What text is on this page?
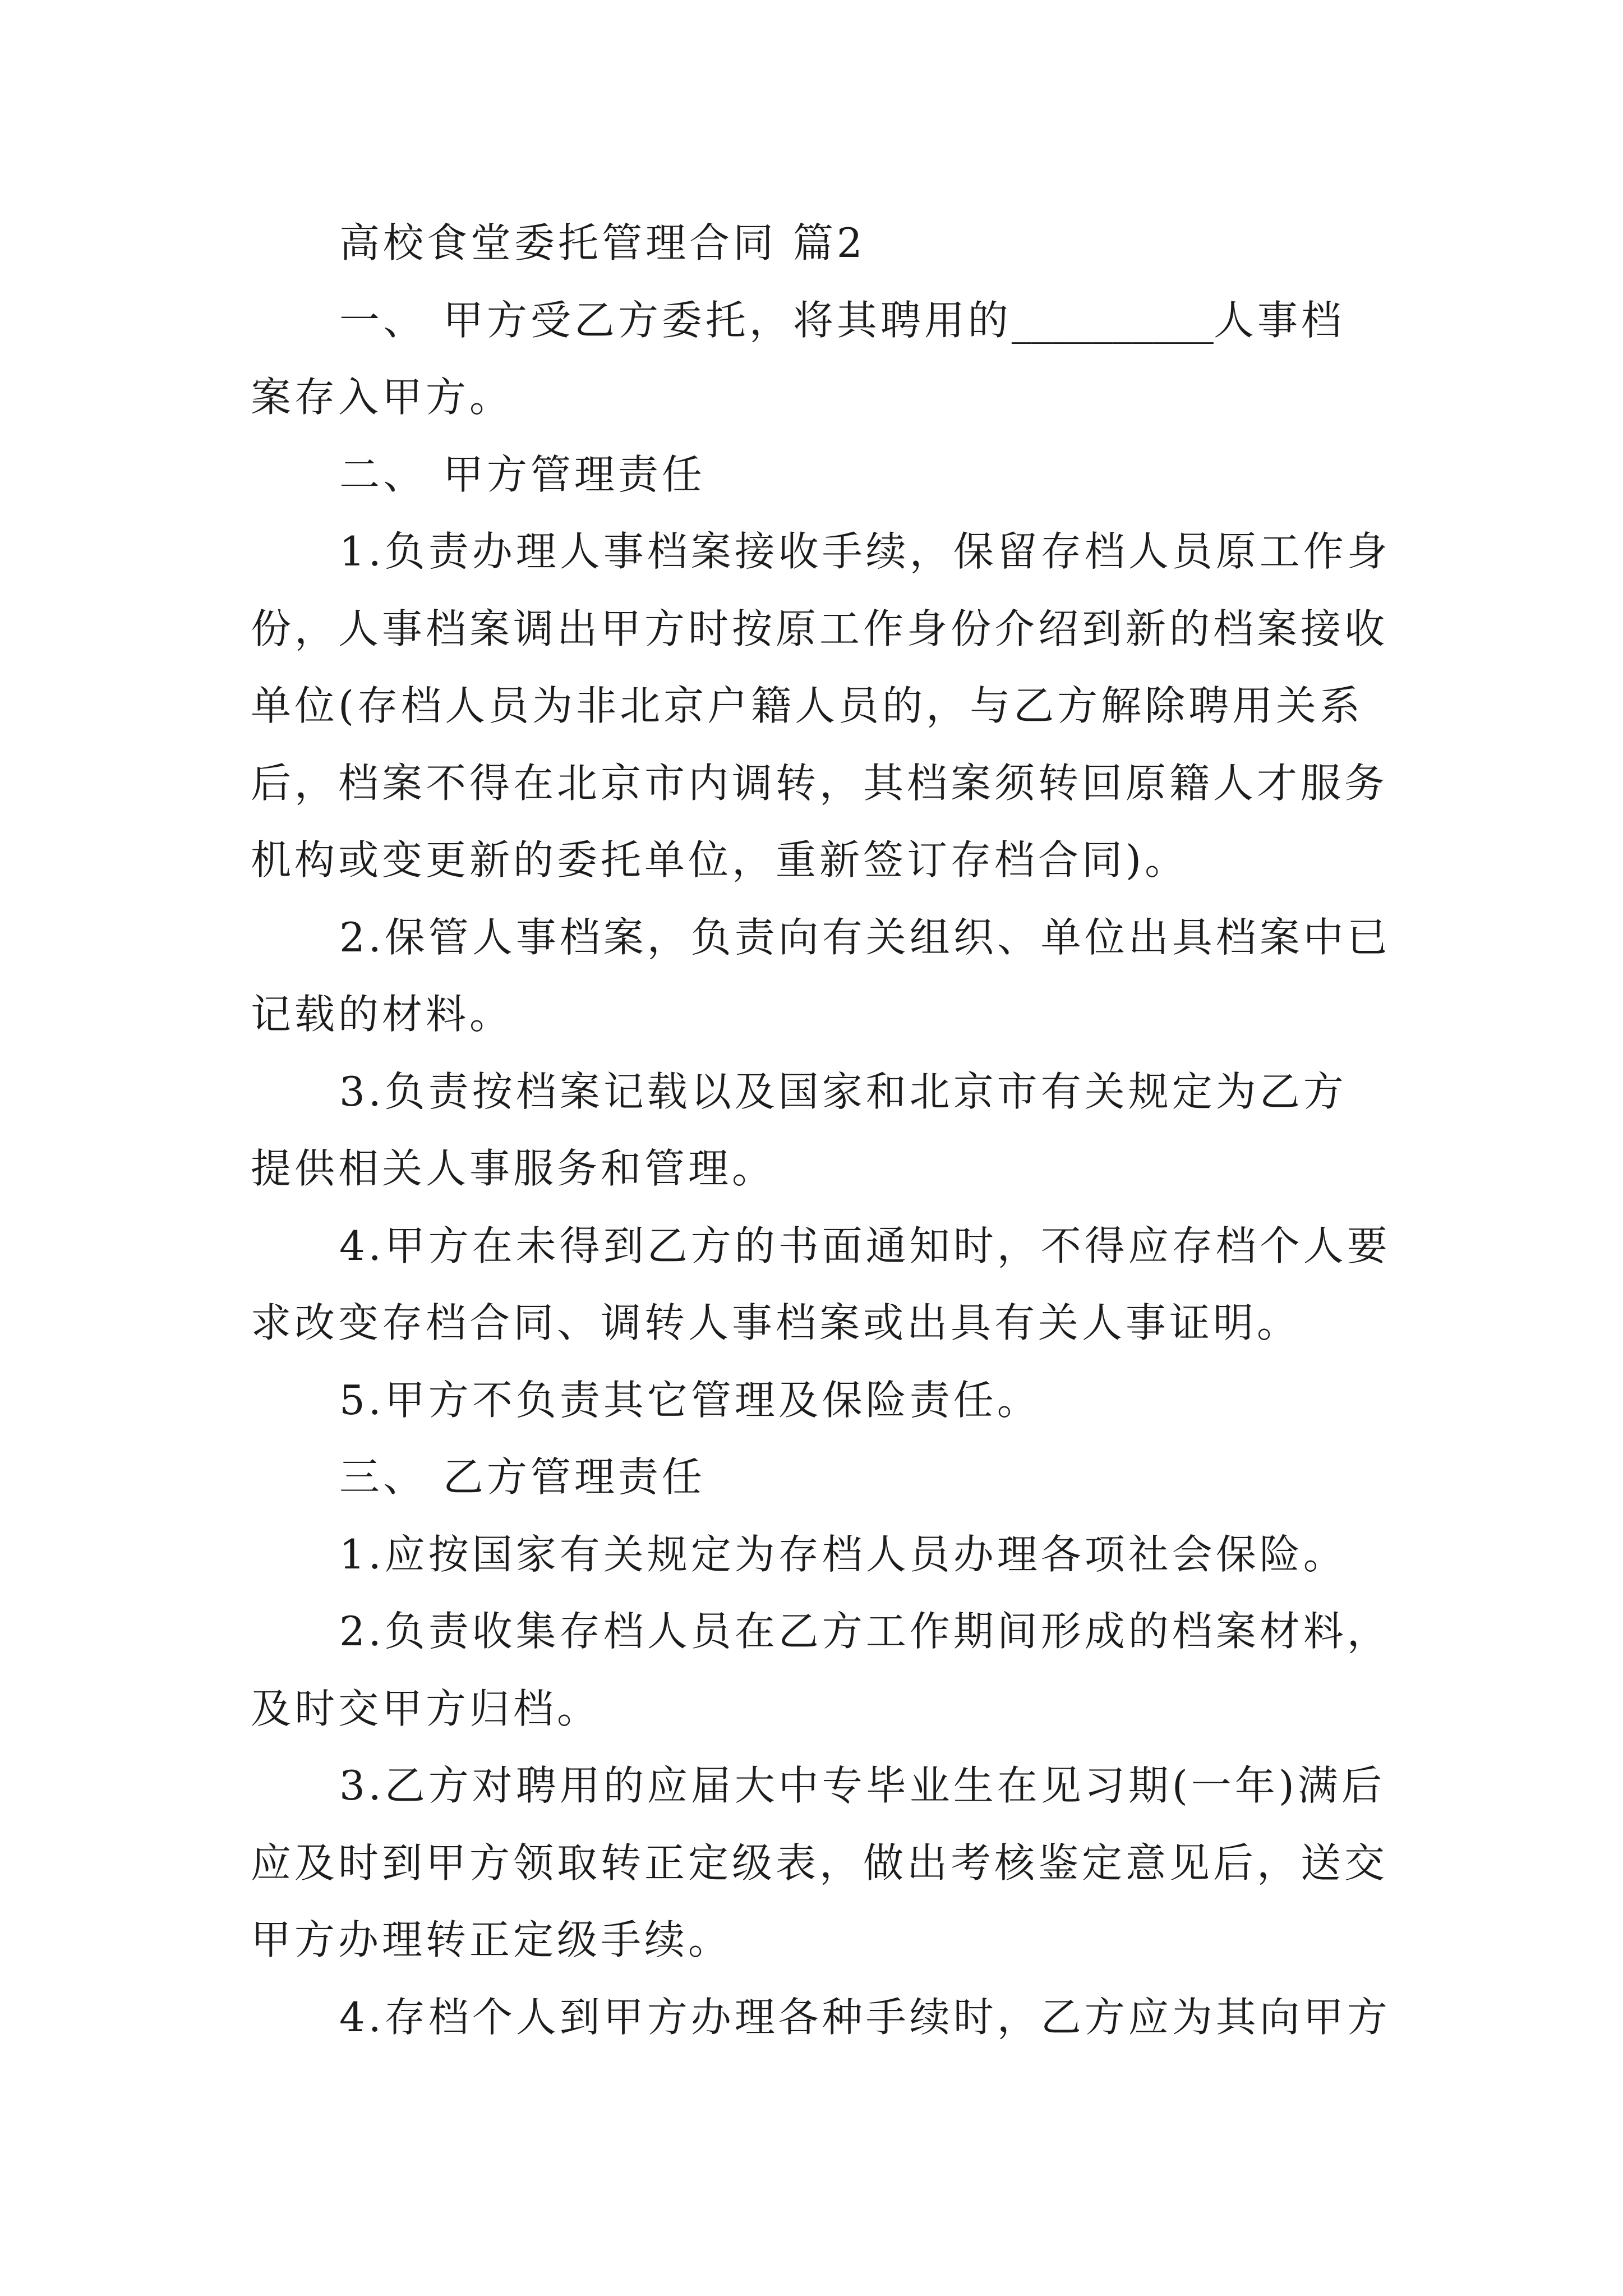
高校食堂委托管理合同 篇2
一、 甲方受乙方委托，将其聘用的__________人事档
案存入甲方。
二、 甲方管理责任
1.负责办理人事档案接收手续，保留存档人员原工作身
份，人事档案调出甲方时按原工作身份介绍到新的档案接收
单位(存档人员为非北京户籍人员的，与乙方解除聘用关系
后，档案不得在北京市内调转，其档案须转回原籍人才服务
机构或变更新的委托单位，重新签订存档合同)。
2.保管人事档案，负责向有关组织、单位出具档案中已
记载的材料。
3.负责按档案记载以及国家和北京市有关规定为乙方
提供相关人事服务和管理。
4.甲方在未得到乙方的书面通知时，不得应存档个人要
求改变存档合同、调转人事档案或出具有关人事证明。
5.甲方不负责其它管理及保险责任。
三、 乙方管理责任
1.应按国家有关规定为存档人员办理各项社会保险。
2.负责收集存档人员在乙方工作期间形成的档案材料，
及时交甲方归档。
3.乙方对聘用的应届大中专毕业生在见习期(一年)满后
应及时到甲方领取转正定级表，做出考核鉴定意见后，送交
甲方办理转正定级手续。
4.存档个人到甲方办理各种手续时，乙方应为其向甲方
